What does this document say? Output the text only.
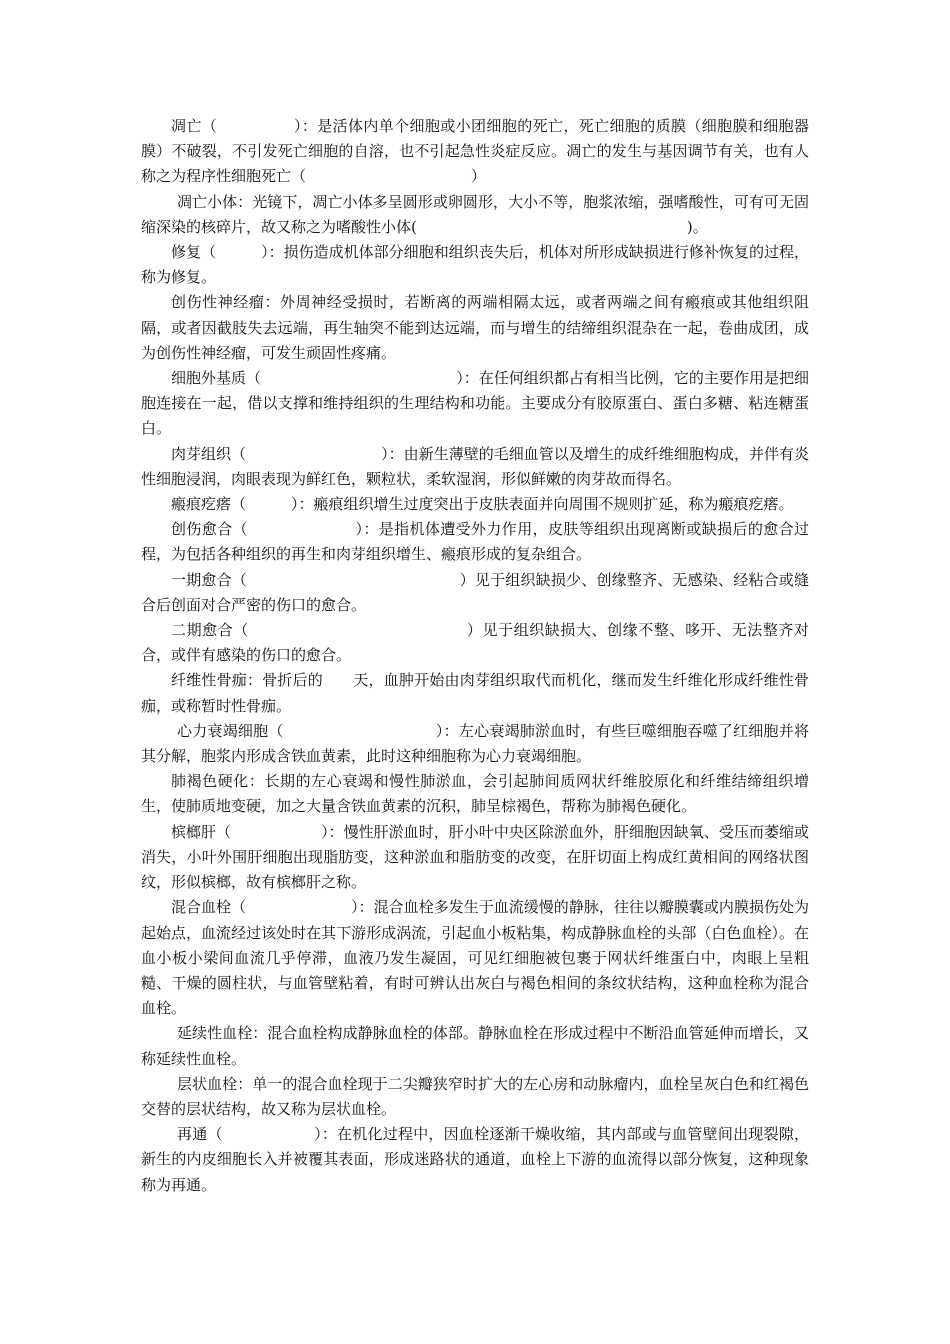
凋亡（　　　　　）：是活体内单个细胞或小团细胞的死亡，死亡细胞的质膜（细胞膜和细胞器膜）不破裂，不引发死亡细胞的自溶，也不引起急性炎症反应。凋亡的发生与基因调节有关，也有人称之为程序性细胞死亡（　　　　　　　　　　　）

凋亡小体：光镜下，凋亡小体多呈圆形或卵圆形，大小不等，胞浆浓缩，强嗜酸性，可有可无固缩深染的核碎片，故又称之为嗜酸性小体(　　　　　　　　　　　　　　　　　　)。

修复（　　　）：损伤造成机体部分细胞和组织丧失后，机体对所形成缺损进行修补恢复的过程，称为修复。

创伤性神经瘤：外周神经受损时，若断离的两端相隔太远，或者两端之间有瘢痕或其他组织阻隔，或者因截肢失去远端，再生轴突不能到达远端，而与增生的结缔组织混杂在一起，卷曲成团，成为创伤性神经瘤，可发生顽固性疼痛。

细胞外基质（　　　　　　　　　　　　　）：在任何组织都占有相当比例，它的主要作用是把细胞连接在一起，借以支撑和维持组织的生理结构和功能。主要成分有胶原蛋白、蛋白多糖、粘连糖蛋白。

肉芽组织（　　　　　　　　　）：由新生薄壁的毛细血管以及增生的成纤维细胞构成，并伴有炎性细胞浸润，肉眼表现为鲜红色，颗粒状，柔软湿润，形似鲜嫩的肉芽故而得名。

瘢痕疙瘩（　　　）：瘢痕组织增生过度突出于皮肤表面并向周围不规则扩延，称为瘢痕疙瘩。

创伤愈合（　　　　　　　）：是指机体遭受外力作用，皮肤等组织出现离断或缺损后的愈合过程，为包括各种组织的再生和肉芽组织增生、瘢痕形成的复杂组合。

一期愈合（　　　　　　　　　　　　　　）见于组织缺损少、创缘整齐、无感染、经粘合或缝合后创面对合严密的伤口的愈合。

二期愈合（　　　　　　　　　　　　　　）见于组织缺损大、创缘不整、哆开、无法整齐对合，或伴有感染的伤口的愈合。

纤维性骨痂：骨折后的　　天，血肿开始由肉芽组织取代而机化，继而发生纤维化形成纤维性骨痂，或称暂时性骨痂。

心力衰竭细胞（　　　　　　　　　　）：左心衰竭肺淤血时，有些巨噬细胞吞噬了红细胞并将其分解，胞浆内形成含铁血黄素，此时这种细胞称为心力衰竭细胞。

肺褐色硬化：长期的左心衰竭和慢性肺淤血，会引起肺间质网状纤维胶原化和纤维结缔组织增生，使肺质地变硬，加之大量含铁血黄素的沉积，肺呈棕褐色，帮称为肺褐色硬化。

槟榔肝（　　　　　　）：慢性肝淤血时，肝小叶中央区除淤血外，肝细胞因缺氧、受压而萎缩或消失，小叶外围肝细胞出现脂肪变，这种淤血和脂肪变的改变，在肝切面上构成红黄相间的网络状图纹，形似槟榔，故有槟榔肝之称。

混合血栓（　　　　　　　）：混合血栓多发生于血流缓慢的静脉，往往以瓣膜囊或内膜损伤处为起始点，血流经过该处时在其下游形成涡流，引起血小板粘集，构成静脉血栓的头部（白色血栓）。在血小板小梁间血流几乎停滞，血液乃发生凝固，可见红细胞被包裹于网状纤维蛋白中，肉眼上呈粗糙、干燥的圆柱状，与血管壁粘着，有时可辨认出灰白与褐色相间的条纹状结构，这种血栓称为混合血栓。

延续性血栓：混合血栓构成静脉血栓的体部。静脉血栓在形成过程中不断沿血管延伸而增长，又称延续性血栓。

层状血栓：单一的混合血栓现于二尖瓣狭窄时扩大的左心房和动脉瘤内，血栓呈灰白色和红褐色交替的层状结构，故又称为层状血栓。

再通（　　　　　　）：在机化过程中，因血栓逐渐干燥收缩，其内部或与血管壁间出现裂隙，新生的内皮细胞长入并被覆其表面，形成迷路状的通道，血栓上下游的血流得以部分恢复，这种现象称为再通。
